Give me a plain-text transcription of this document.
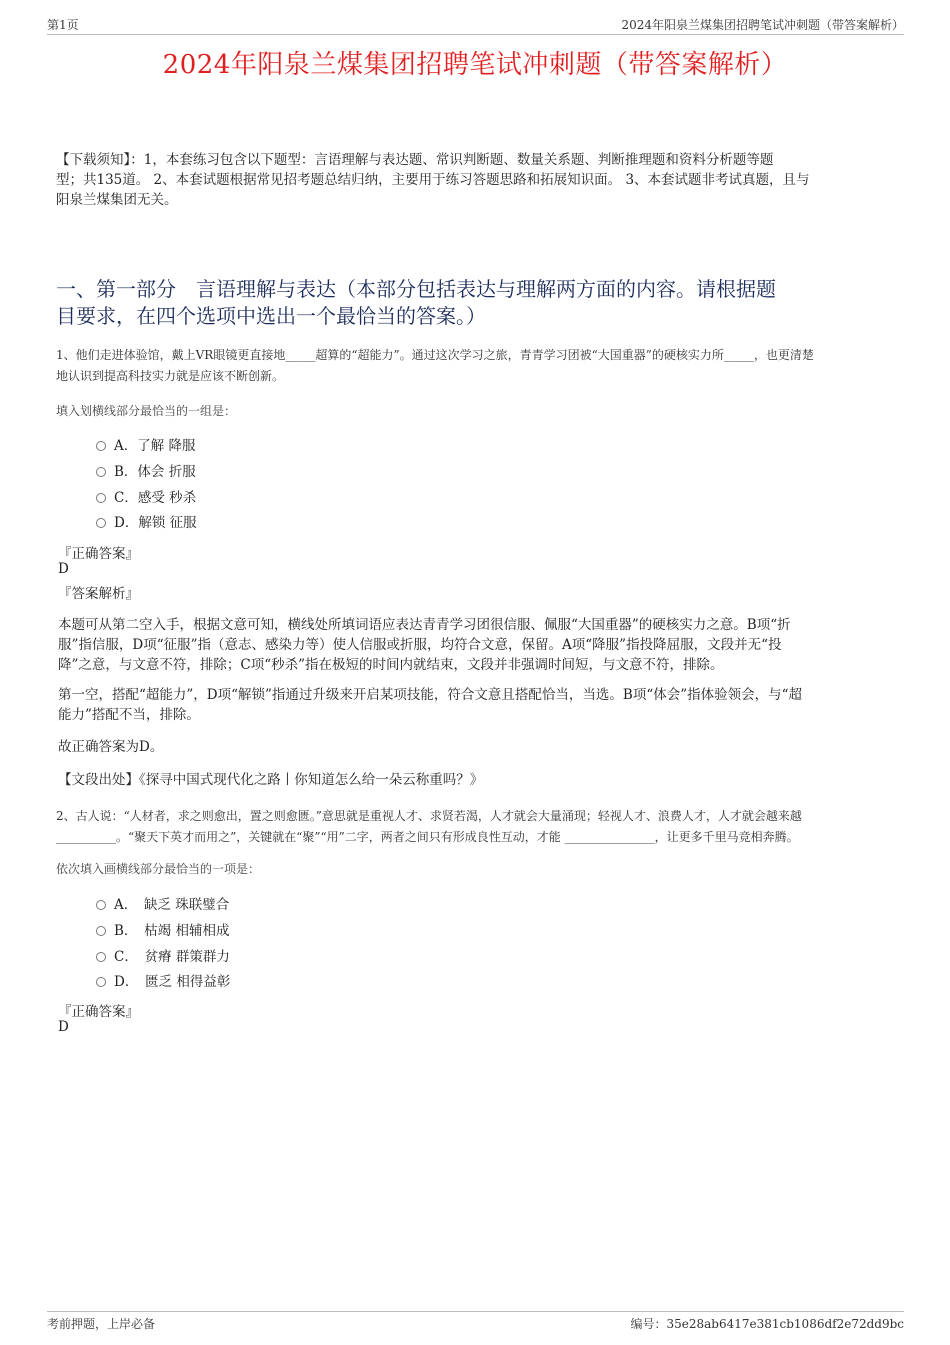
第1页	2024年阳泉兰煤集团招聘笔试冲刺题（带答案解析）
2024年阳泉兰煤集团招聘笔试冲刺题（带答案解析）
【下载须知】：1，本套练习包含以下题型：言语理解与表达题、常识判断题、数量关系题、判断推理题和资料分析题等题
型；共135道。 2、本套试题根据常见招考题总结归纳，主要用于练习答题思路和拓展知识面。 3、本套试题非考试真题，且与
阳泉兰煤集团无关。
一、第一部分　言语理解与表达（本部分包括表达与理解两方面的内容。请根据题
目要求，在四个选项中选出一个最恰当的答案。）
1、他们走进体验馆，戴上VR眼镜更直接地_____超算的“超能力”。通过这次学习之旅，青青学习团被“大国重器”的硬核实力所_____，也更清楚
地认识到提高科技实力就是应该不断创新。
填入划横线部分最恰当的一组是：
A．了解 降服
B．体会 折服
C．感受 秒杀
D．解锁 征服
『正确答案』
D
『答案解析』
本题可从第二空入手，根据文意可知，横线处所填词语应表达青青学习团很信服、佩服“大国重器”的硬核实力之意。B项“折
服”指信服，D项“征服”指（意志、感染力等）使人信服或折服，均符合文意，保留。A项“降服”指投降屈服，文段并无“投
降”之意，与文意不符，排除；C项“秒杀”指在极短的时间内就结束，文段并非强调时间短，与文意不符，排除。
第一空，搭配“超能力”，D项“解锁”指通过升级来开启某项技能，符合文意且搭配恰当，当选。B项“体会”指体验领会，与“超
能力”搭配不当，排除。
故正确答案为D。
【文段出处】《探寻中国式现代化之路丨你知道怎么给一朵云称重吗？》
2、古人说：“人材者，求之则愈出，置之则愈匮。”意思就是重视人才、求贤若渴，人才就会大量涌现；轻视人才、浪费人才，人才就会越来越
__________。“聚天下英才而用之”，关键就在“聚”“用”二字，两者之间只有形成良性互动，才能 _______________，让更多千里马竞相奔腾。
依次填入画横线部分最恰当的一项是：
A．　缺乏 珠联璧合
B．　枯竭 相辅相成
C．　贫瘠 群策群力
D．　匮乏 相得益彰
『正确答案』
D
考前押题，上岸必备	编号：35e28ab6417e381cb1086df2e72dd9bc
